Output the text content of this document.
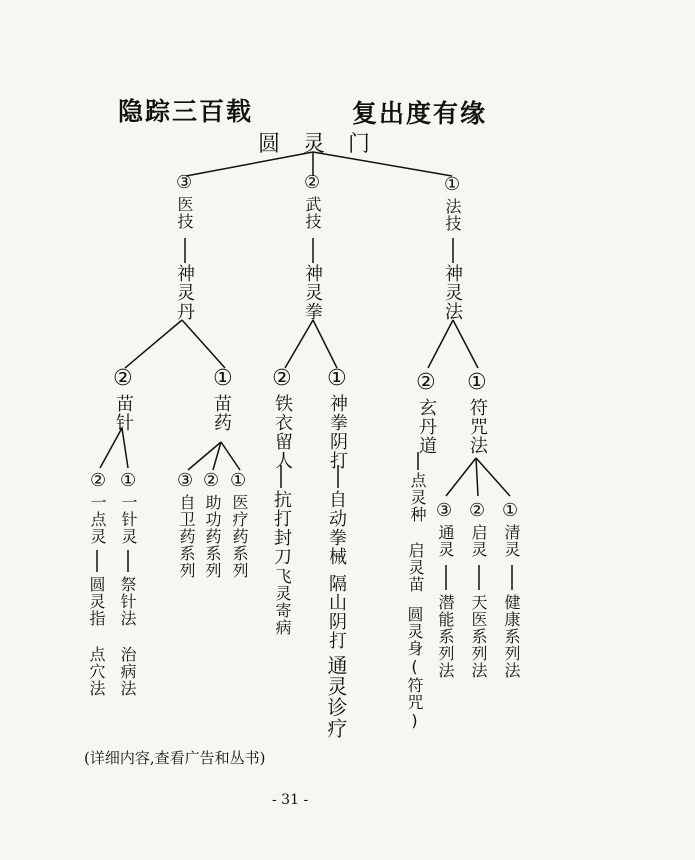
隐踪三百载	复出度有缘
圆 灵 门
③
医技
神灵丹
②
苗针
①
苗药
②
一点灵
圆灵指
点穴法
①
一针灵
祭针法
治病法
③
自卫药系列
②
助功药系列
①
医疗药系列
②
武技
神灵拳
②
铁衣留人
抗打封刀
飞灵寄病
①
神拳阴打
自动拳械
隔山阴打
通灵诊疗
①
法技
神灵法
②
玄丹道
点灵种
启灵苗
圆灵身(符咒)
①
符咒法
③
通灵
潜能系列法
②
启灵
天医系列法
①
清灵
健康系列法
(详细内容,查看广告和丛书)
- 31 -
